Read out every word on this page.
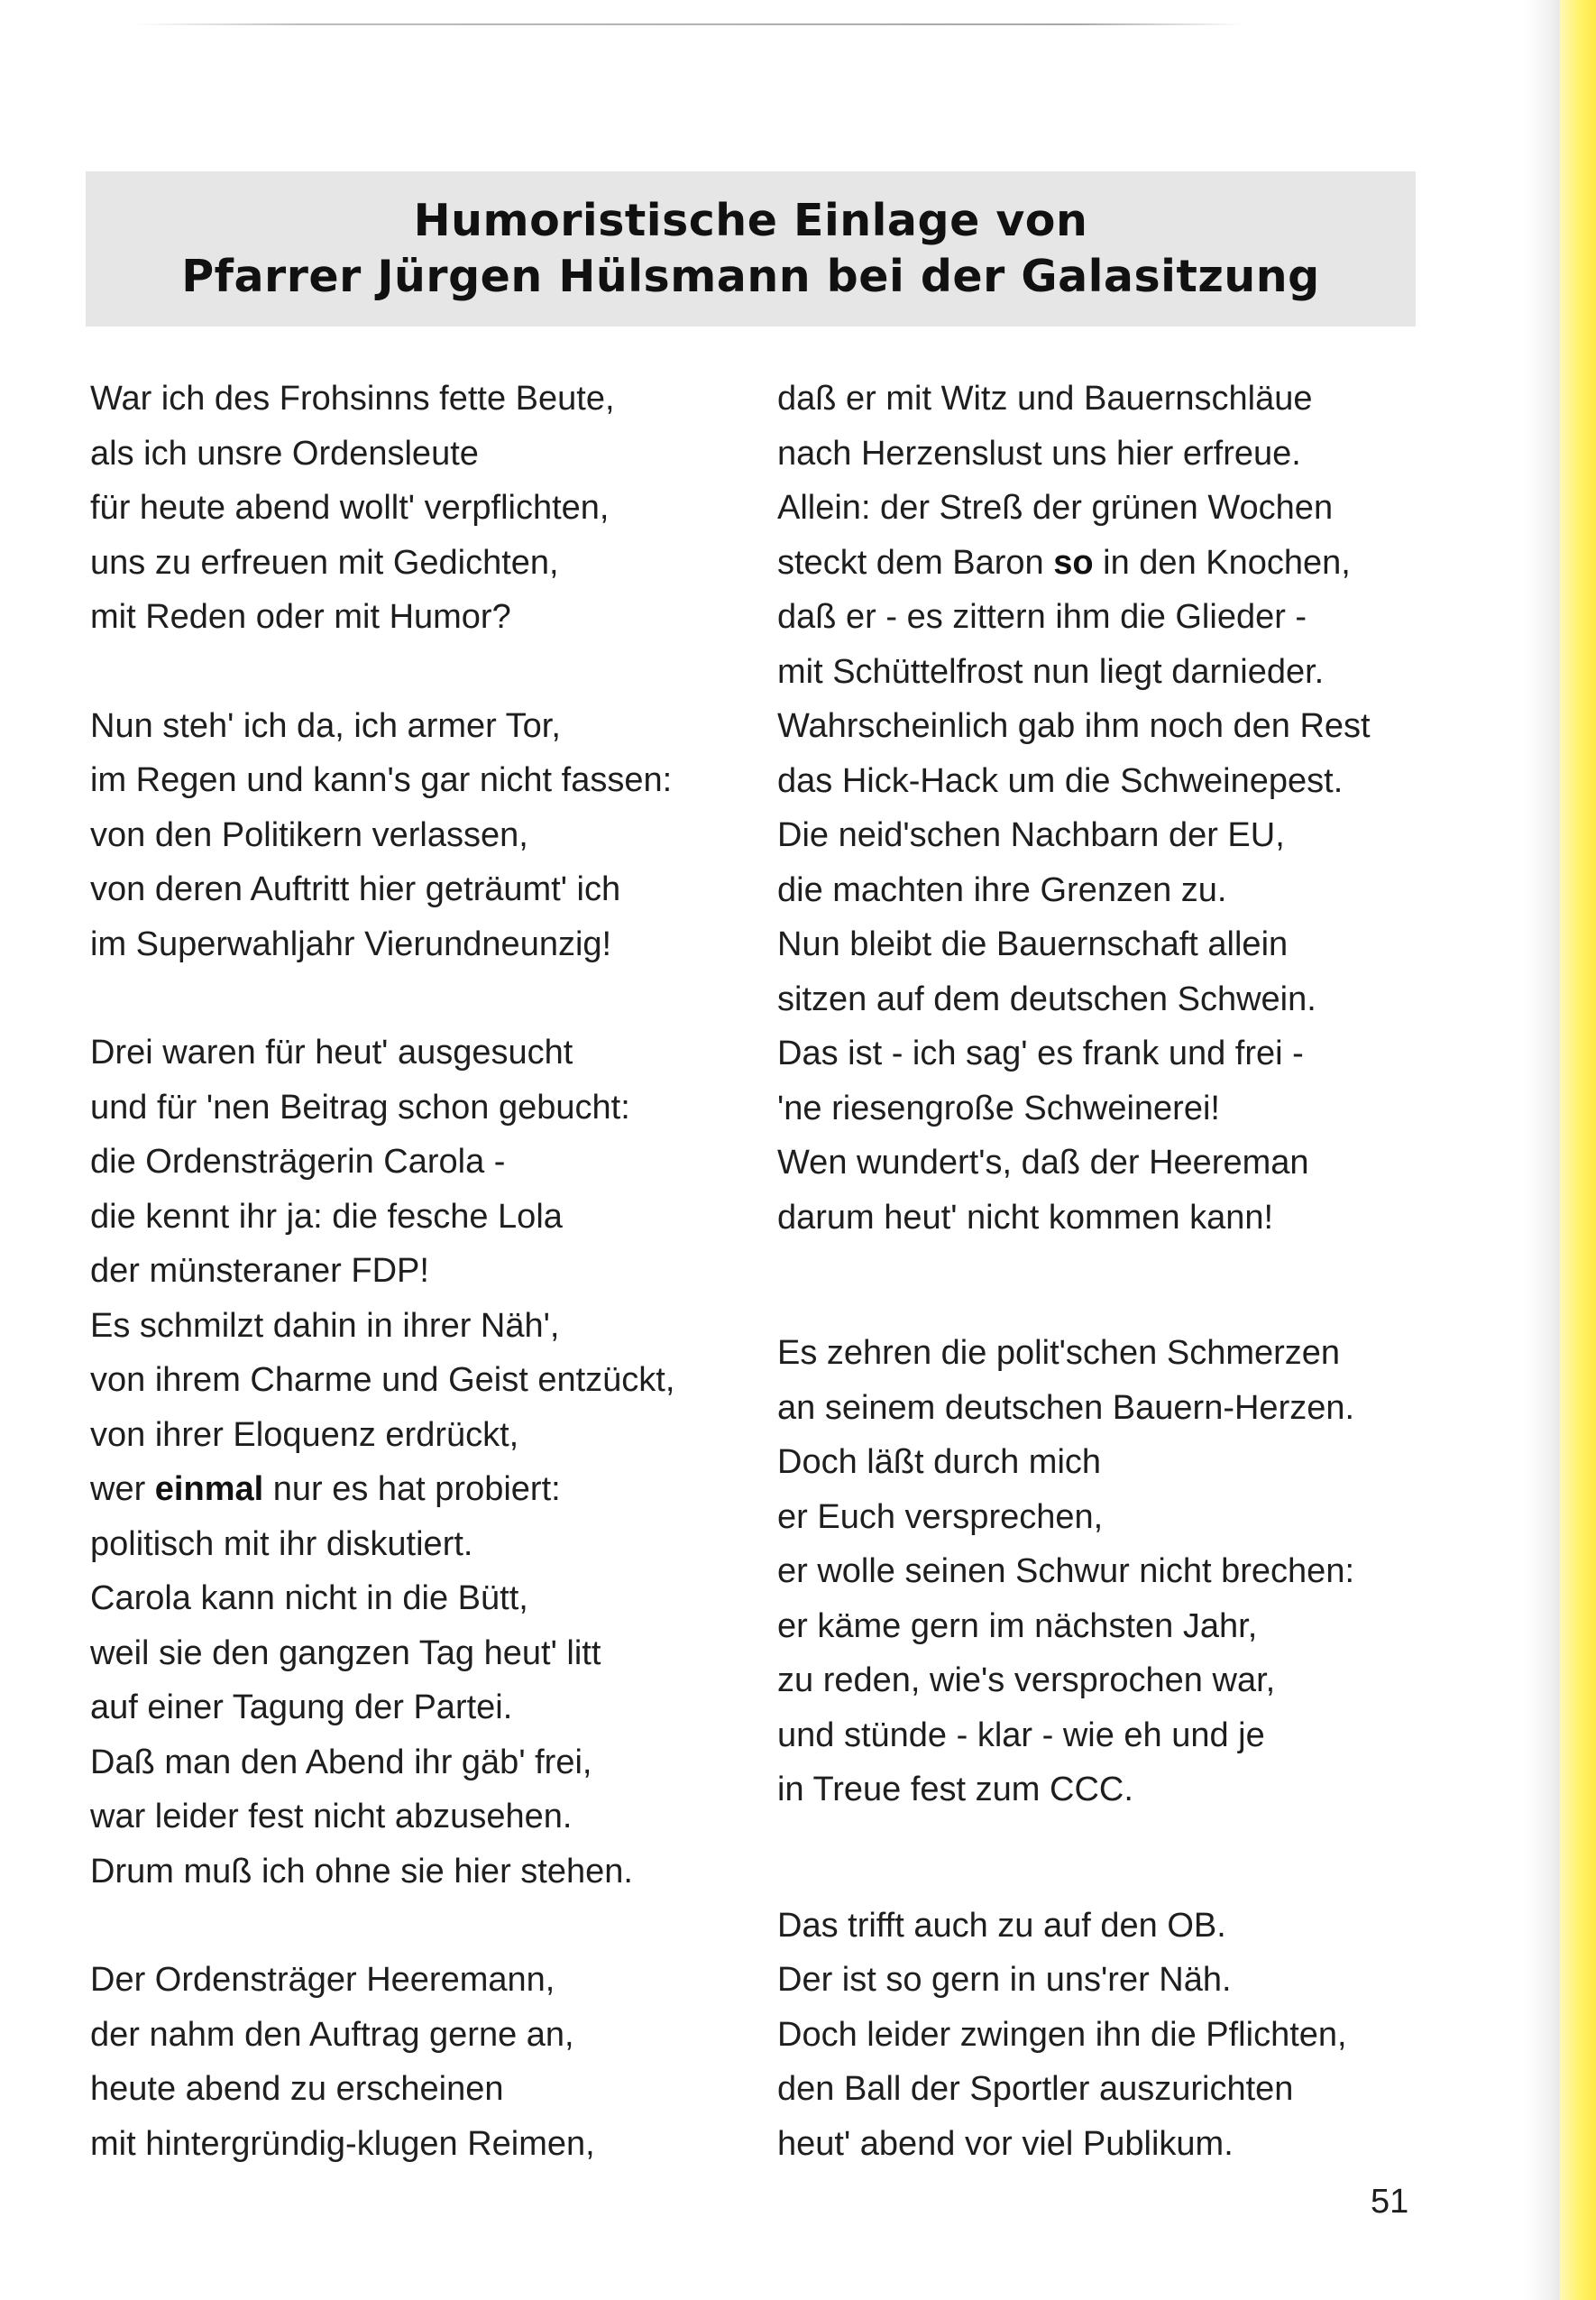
Humoristische Einlage von
Pfarrer Jürgen Hülsmann bei der Galasitzung
War ich des Frohsinns fette Beute,
als ich unsre Ordensleute
für heute abend wollt' verpflichten,
uns zu erfreuen mit Gedichten,
mit Reden oder mit Humor?
Nun steh' ich da, ich armer Tor,
im Regen und kann's gar nicht fassen:
von den Politikern verlassen,
von deren Auftritt hier geträumt' ich
im Superwahljahr Vierundneunzig!
Drei waren für heut' ausgesucht
und für 'nen Beitrag schon gebucht:
die Ordensträgerin Carola -
die kennt ihr ja: die fesche Lola
der münsteraner FDP!
Es schmilzt dahin in ihrer Näh',
von ihrem Charme und Geist entzückt,
von ihrer Eloquenz erdrückt,
wer einmal nur es hat probiert:
politisch mit ihr diskutiert.
Carola kann nicht in die Bütt,
weil sie den gangzen Tag heut' litt
auf einer Tagung der Partei.
Daß man den Abend ihr gäb' frei,
war leider fest nicht abzusehen.
Drum muß ich ohne sie hier stehen.
Der Ordensträger Heeremann,
der nahm den Auftrag gerne an,
heute abend zu erscheinen
mit hintergründig-klugen Reimen,
daß er mit Witz und Bauernschläue
nach Herzenslust uns hier erfreue.
Allein: der Streß der grünen Wochen
steckt dem Baron so in den Knochen,
daß er - es zittern ihm die Glieder -
mit Schüttelfrost nun liegt darnieder.
Wahrscheinlich gab ihm noch den Rest
das Hick-Hack um die Schweinepest.
Die neid'schen Nachbarn der EU,
die machten ihre Grenzen zu.
Nun bleibt die Bauernschaft allein
sitzen auf dem deutschen Schwein.
Das ist - ich sag' es frank und frei -
'ne riesengroße Schweinerei!
Wen wundert's, daß der Heereman
darum heut' nicht kommen kann!
Es zehren die polit'schen Schmerzen
an seinem deutschen Bauern-Herzen.
Doch läßt durch mich
er Euch versprechen,
er wolle seinen Schwur nicht brechen:
er käme gern im nächsten Jahr,
zu reden, wie's versprochen war,
und stünde - klar - wie eh und je
in Treue fest zum CCC.
Das trifft auch zu auf den OB.
Der ist so gern in uns'rer Näh.
Doch leider zwingen ihn die Pflichten,
den Ball der Sportler auszurichten
heut' abend vor viel Publikum.
51
